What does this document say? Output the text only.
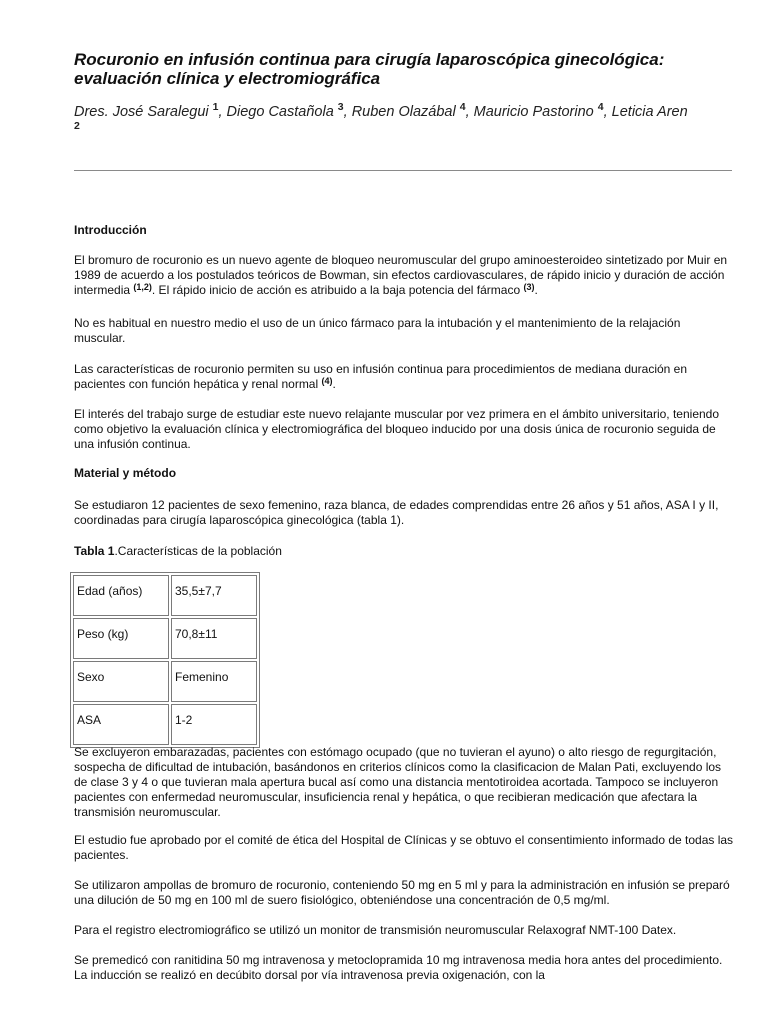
Rocuronio en infusión continua para cirugía laparoscópica ginecológica: evaluación clínica y electromiográfica

Dres. José Saralegui $^1$, Diego Castañola $^3$, Ruben Olazábal $^4$, Mauricio Pastorino $^4$, Leticia Aren
2

Introducción

El bromuro de rocuronio es un nuevo agente de bloqueo neuromuscular del grupo aminoesteroideo sintetizado por Muir en 1989 de acuerdo a los postulados teóricos de Bowman, sin efectos cardiovasculares, de rápido inicio y duración de acción intermedia $^{(1,2)}$. El rápido inicio de acción es atribuido a la baja potencia del fármaco $^{(3)}$.

No es habitual en nuestro medio el uso de un único fármaco para la intubación y el mantenimiento de la relajación muscular.

Las características de rocuronio permiten su uso en infusión continua para procedimientos de mediana duración en pacientes con función hepática y renal normal $^{(4)}$.

El interés del trabajo surge de estudiar este nuevo relajante muscular por vez primera en el ámbito universitario, teniendo como objetivo la evaluación clínica y electromiográfica del bloqueo inducido por una dosis única de rocuronio seguida de una infusión continua.

Material y método

Se estudiaron 12 pacientes de sexo femenino, raza blanca, de edades comprendidas entre 26 años y 51 años, ASA I y II, coordinadas para cirugía laparoscópica ginecológica (tabla 1).

Tabla 1.Características de la población

Edad (años)	35,5±7,7
Peso (kg)	70,8±11
Sexo	Femenino
ASA	1-2

Se excluyeron embarazadas, pacientes con estómago ocupado (que no tuvieran el ayuno) o alto riesgo de regurgitación, sospecha de dificultad de intubación, basándonos en criterios clínicos como la clasificacion de Malan Pati, excluyendo los de clase 3 y 4 o que tuvieran mala apertura bucal así como una distancia mentotiroidea acortada. Tampoco se incluyeron pacientes con enfermedad neuromuscular, insuficiencia renal y hepática, o que recibieran medicación que afectara la transmisión neuromuscular.

El estudio fue aprobado por el comité de ética del Hospital de Clínicas y se obtuvo el consentimiento informado de todas las pacientes.

Se utilizaron ampollas de bromuro de rocuronio, conteniendo 50 mg en 5 ml y para la administración en infusión se preparó una dilución de 50 mg en 100 ml de suero fisiológico, obteniéndose una concentración de 0,5 mg/ml.

Para el registro electromiográfico se utilizó un monitor de transmisión neuromuscular Relaxograf NMT-100 Datex.

Se premedicó con ranitidina 50 mg intravenosa y metoclopramida 10 mg intravenosa media hora antes del procedimiento. La inducción se realizó en decúbito dorsal por vía intravenosa previa oxigenación, con la
